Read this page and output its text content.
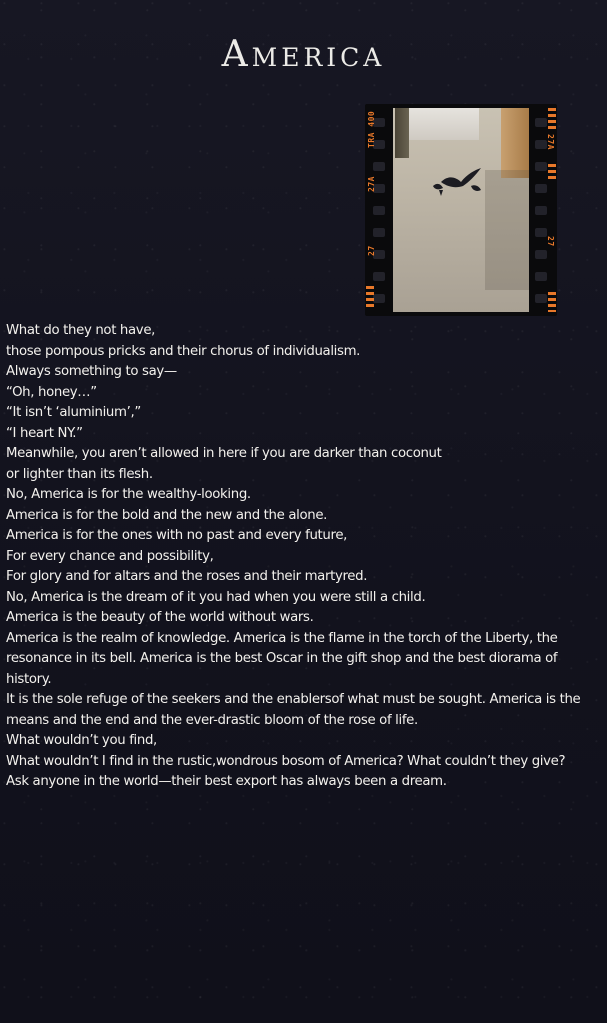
America
TRA 400
27A
27
27A
27
What do they not have,
those pompous pricks and their chorus of individualism.
Always something to say—
“Oh, honey…”
“It isn’t ‘aluminium’,”
“I heart NY.”
Meanwhile, you aren’t allowed in here if you are darker than coconut
or lighter than its flesh.
No, America is for the wealthy-looking.
America is for the bold and the new and the alone.
America is for the ones with no past and every future,
For every chance and possibility,
For glory and for altars and the roses and their martyred.
No, America is the dream of it you had when you were still a child.
America is the beauty of the world without wars.
America is the realm of knowledge. America is the flame in the torch of the Liberty, the resonance in its bell. America is the best Oscar in the gift shop and the best diorama of history.
It is the sole refuge of the seekers and the enablersof what must be sought. America is the means and the end and the ever-drastic bloom of the rose of life.
What wouldn’t you find,
What wouldn’t I find in the rustic,wondrous bosom of America? What couldn’t they give?
Ask anyone in the world—their best export has always been a dream.
